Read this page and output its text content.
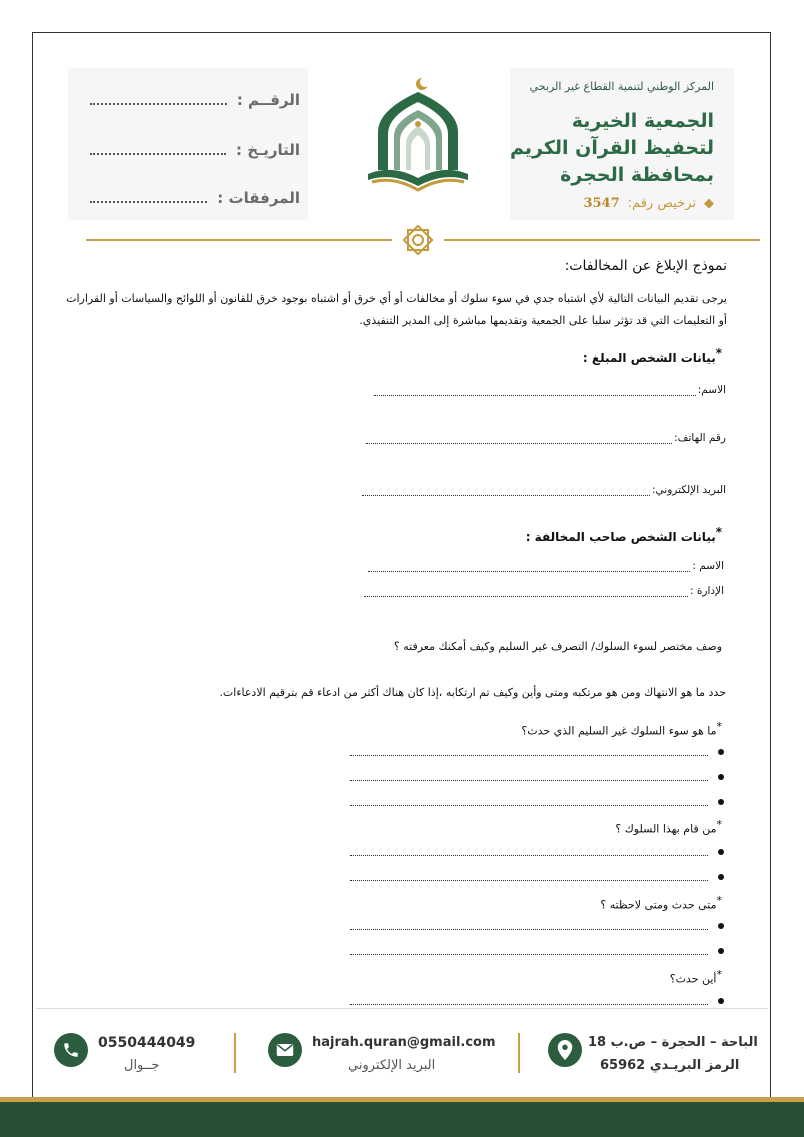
الرقــم :
التاريـخ :
المرفقات :
المركز الوطني لتنمية القطاع غير الربحي
الجمعية الخيرية
لتحفيظ القرآن الكريم
بمحافظة الحجرة
◆
ترخيص رقم:
3547
نموذج الإبلاغ عن المخالفات:
يرجى تقديم البيانات التالية لأي اشتباه جدي في سوء سلوك أو مخالفات أو أي خرق أو اشتباه بوجود خرق للقانون أو اللوائح والسياسات أو القرارات أو التعليمات التي قد تؤثر سلبا على الجمعية وتقديمها مباشرة إلى المدير التنفيذي.
*بيانات الشخص المبلغ :
الاسم:
رقم الهاتف:
البريد الإلكتروني:
*بيانات الشخص صاحب المخالفة :
الاسم :
الإدارة :
وصف مختصر لسوء السلوك/ التصرف غير السليم وكيف أمكنك معرفته ؟
حدد ما هو الانتهاك ومن هو مرتكبه ومتى وأين وكيف تم ارتكابه ،إذا كان هناك أكثر من ادعاء قم بترقيم الادعاءات.
*ما هو سوء السلوك غير السليم الذي حدث؟
*من قام بهذا السلوك ؟
*متى حدث ومتى لاحظته ؟
*أين حدث؟
0550444049
جــوال
hajrah.quran@gmail.com
البريد الإلكتروني
الباحة – الحجرة – ص.ب 18
الرمز البريـدي 65962
